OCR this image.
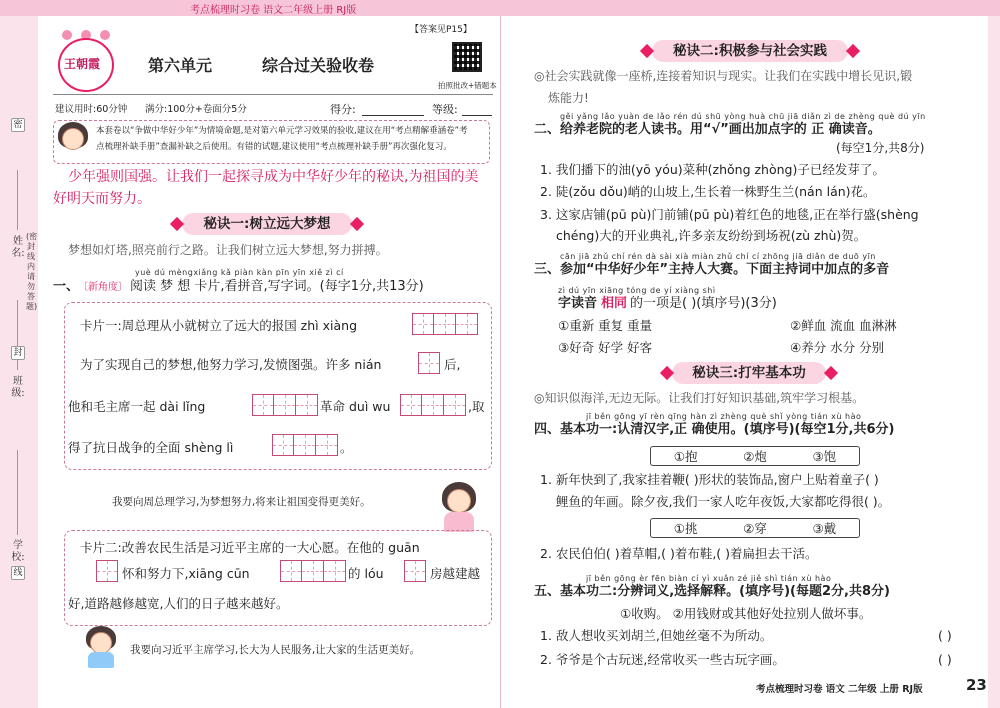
考点梳理时习卷 语文二年级上册 RJ版
姓名:
班级:
学校:
(密封线内请勿答题)
密
封
线
【答案见P15】
王朝霞	第六单元	综合过关验收卷
拍照批改+错题本
建议用时:60分钟 满分:100分+卷面分5分	得分:	等级:
本套卷以“争做中华好少年”为情境命题,是对第六单元学习效果的验收,建议在用“考点精解垂涵卷”考
点梳理补缺手册”查漏补缺之后使用。有错的试题,建议使用“考点梳理补缺手册”再次强化复习。
少年强则国强。让我们一起探寻成为中华好少年的秘诀,为祖国的美
好明天而努力。
秘诀一:树立远大梦想
梦想如灯塔,照亮前行之路。让我们树立远大梦想,努力拼搏。
yuè dú mèngxiǎng kǎ piàn kàn pīn yīn xiě zì cí
一、
〔新角度〕 阅读 梦 想 卡片,看拼音,写字词。(每字1分,共13分)
卡片一:周总理从小就树立了远大的报国 zhì xiàng
为了实现自己的梦想,他努力学习,发愤图强。许多 nián	后,
他和毛主席一起 dài lǐng	革命 duì wu	,取
得了抗日战争的全面 shèng lì	。
我要向周总理学习,为梦想努力,将来让祖国变得更美好。
卡片二:改善农民生活是习近平主席的一大心愿。在他的 guān
怀和努力下,xiāng cūn	的 lóu	房越建越
好,道路越修越宽,人们的日子越来越好。
我要向习近平主席学习,长大为人民服务,让大家的生活更美好。
秘诀二:积极参与社会实践
◎社会实践就像一座桥,连接着知识与现实。让我们在实践中增长见识,锻
炼能力!
gěi yǎng lǎo yuàn de lǎo rén dú shū yòng huà chū jiā diǎn zì de zhèng què dú yīn
二、给养老院的老人读书。用“√”画出加点字的 正 确读音。
(每空1分,共8分)
1. 我们播下的油(yō yóu)菜种(zhǒng zhòng)子已经发芽了。
2. 陡(zǒu dǒu)峭的山坡上,生长着一株野生兰(nán lán)花。
3. 这家店铺(pū pù)门前铺(pū pù)着红色的地毯,正在举行盛(shèng
chéng)大的开业典礼,许多亲友纷纷到场祝(zù zhù)贺。
cān jiā zhǔ chí rén dà sài xià miàn zhǔ chí cí zhōng jiā diǎn de duō yīn
三、参加“中华好少年”主持人大赛。下面主持词中加点的多音
zì dú yīn xiāng tóng de yí xiàng shì
字读音 相同 的一项是( )(填序号)(3分)
①重新 重复 重量	②鲜血 流血 血淋淋
③好奇 好学 好客	④养分 水分 分别
秘诀三:打牢基本功
◎知识似海洋,无边无际。让我们打好知识基础,筑牢学习根基。
jī běn gōng yī rèn qīng hàn zì zhèng què shǐ yòng tián xù hào
四、基本功一:认清汉字,正 确使用。(填序号)(每空1分,共6分)
①抱	②炮	③饱
1. 新年快到了,我家挂着鞭( )形状的装饰品,窗户上贴着童子( )
鲤鱼的年画。除夕夜,我们一家人吃年夜饭,大家都吃得很( )。
①挑	②穿	③戴
2. 农民伯伯( )着草帽,( )着布鞋,( )着扁担去干活。
jī běn gōng èr fēn biàn cí yì xuǎn zé jiě shì tián xù hào
五、基本功二:分辨词义,选择解释。(填序号)(每题2分,共8分)
①收购。 ②用钱财或其他好处拉别人做坏事。
1. 敌人想收买刘胡兰,但她丝毫不为所动。	( )
2. 爷爷是个古玩迷,经常收买一些古玩字画。	( )
考点梳理时习卷 语文 二年级 上册 RJ版	23
